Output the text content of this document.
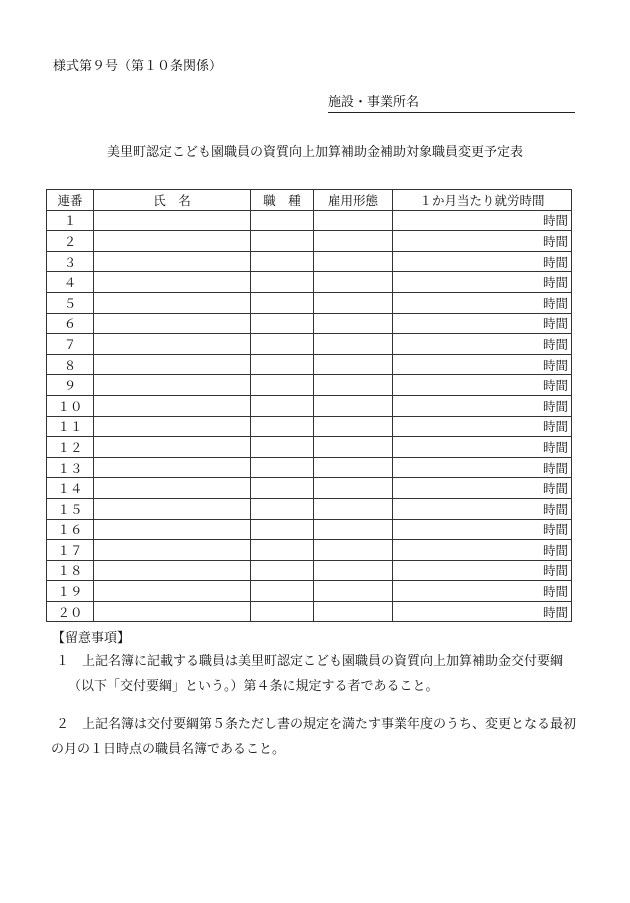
様式第９号（第１０条関係）
施設・事業所名
美里町認定こども園職員の資質向上加算補助金補助対象職員変更予定表
連番	氏　名	職　種	雇用形態	１か月当たり就労時間
１				時間
２				時間
３				時間
４				時間
５				時間
６				時間
７				時間
８				時間
９				時間
１０				時間
１１				時間
１２				時間
１３				時間
１４				時間
１５				時間
１６				時間
１７				時間
１８				時間
１９				時間
２０				時間
【留意事項】
１　上記名簿に記載する職員は美里町認定こども園職員の資質向上加算補助金交付要綱
（以下「交付要綱」という。）第４条に規定する者であること。
２　上記名簿は交付要綱第５条ただし書の規定を満たす事業年度のうち、変更となる最初
の月の１日時点の職員名簿であること。
